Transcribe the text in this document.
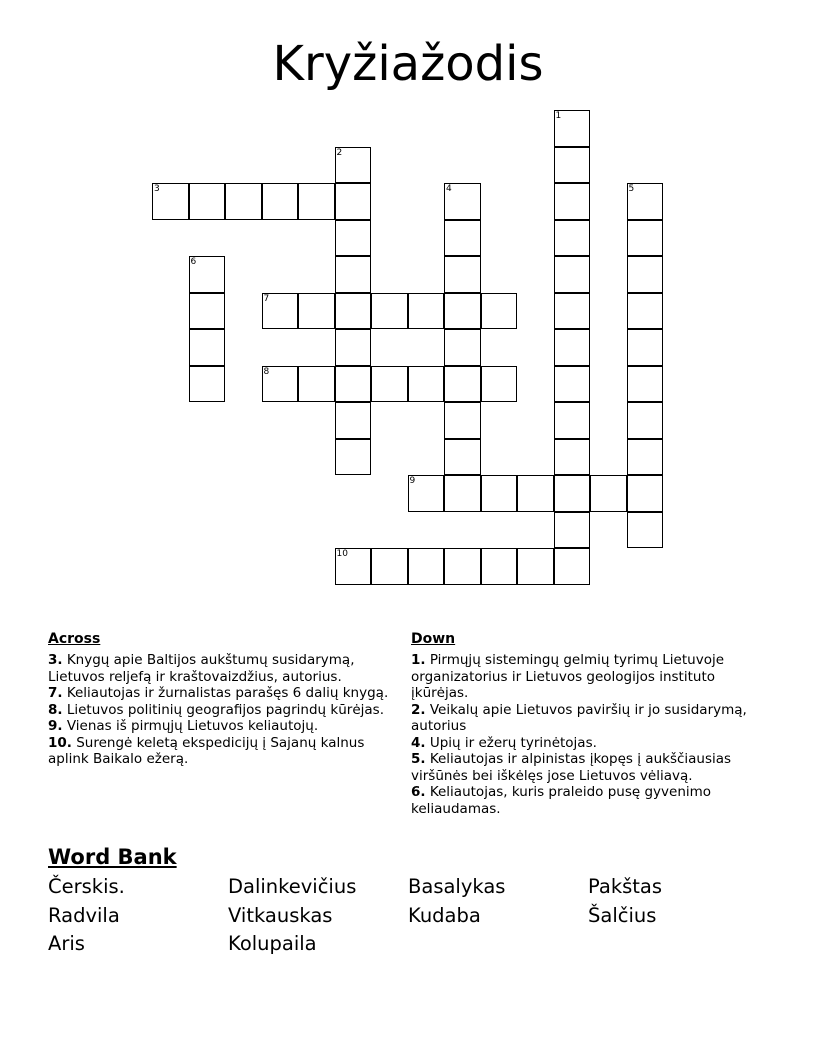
Kryžiažodis
1
2
3	4	5
6
7
8
9
10
Across

3. Knygų apie Baltijos aukštumų susidarymą, Lietuvos reljefą ir kraštovaizdžius, autorius.

7. Keliautojas ir žurnalistas parašęs 6 dalių knygą.

8. Lietuvos politinių geografijos pagrindų kūrėjas.

9. Vienas iš pirmųjų Lietuvos keliautojų.

10. Surengė keletą ekspedicijų į Sajanų kalnus aplink Baikalo ežerą.

Down

1. Pirmųjų sistemingų gelmių tyrimų Lietuvoje organizatorius ir Lietuvos geologijos instituto įkūrėjas.

2. Veikalų apie Lietuvos paviršių ir jo susidarymą, autorius

4. Upių ir ežerų tyrinėtojas.

5. Keliautojas ir alpinistas įkopęs į aukščiausias viršūnės bei iškėlęs jose Lietuvos vėliavą.

6. Keliautojas, kuris praleido pusę gyvenimo keliaudamas.

Word Bank
Čerskis.	Dalinkevičius	Basalykas	Pakštas
Radvila	Vitkauskas	Kudaba	Šalčius
Aris	Kolupaila
